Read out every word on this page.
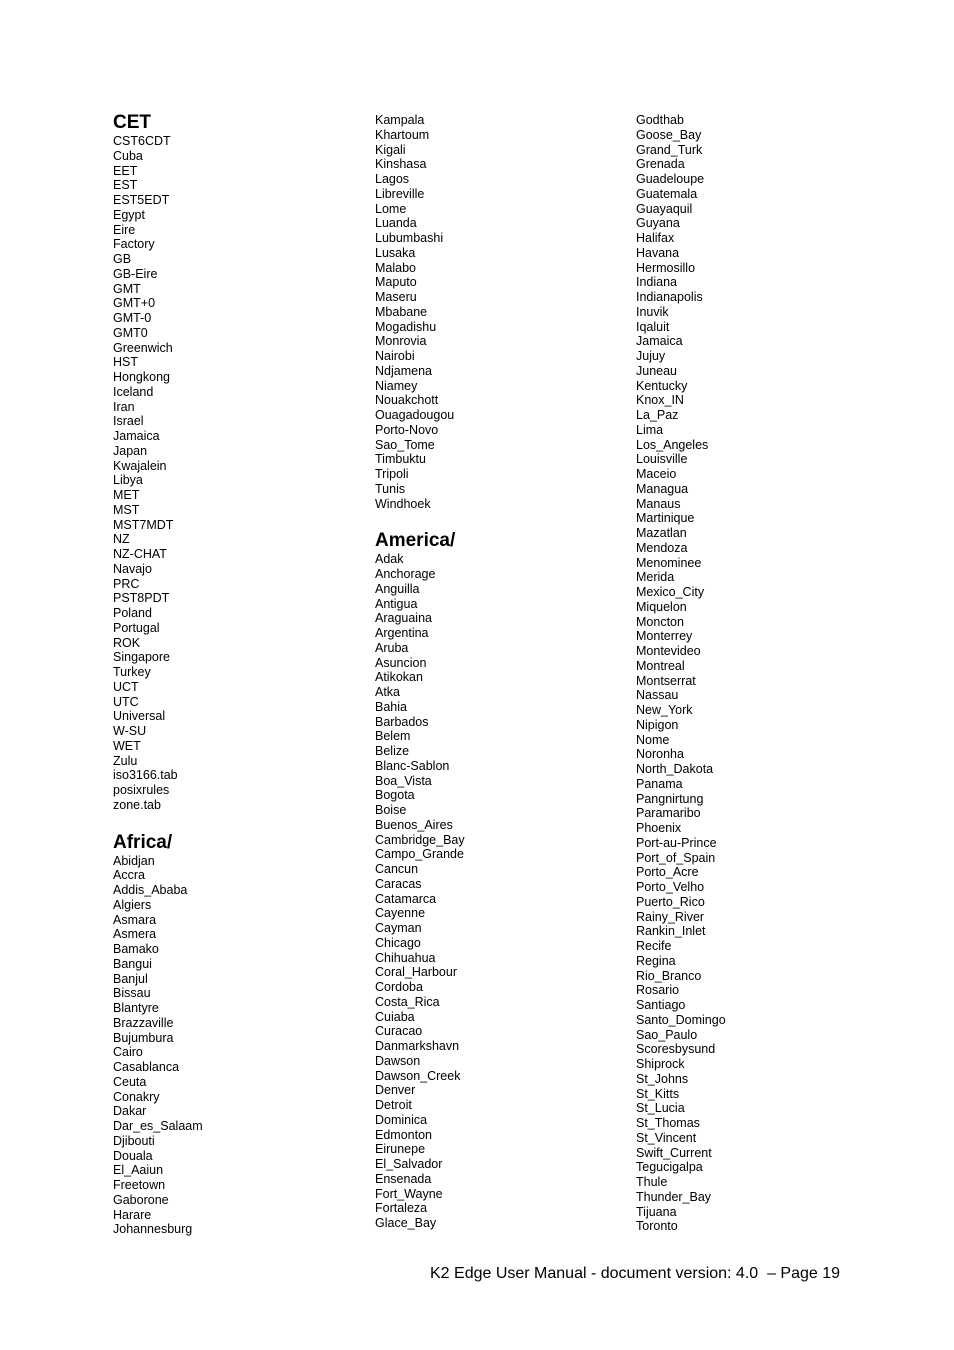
CET
CST6CDT
Cuba
EET
EST
EST5EDT
Egypt
Eire
Factory
GB
GB-Eire
GMT
GMT+0
GMT-0
GMT0
Greenwich
HST
Hongkong
Iceland
Iran
Israel
Jamaica
Japan
Kwajalein
Libya
MET
MST
MST7MDT
NZ
NZ-CHAT
Navajo
PRC
PST8PDT
Poland
Portugal
ROK
Singapore
Turkey
UCT
UTC
Universal
W-SU
WET
Zulu
iso3166.tab
posixrules
zone.tab
Africa/
Abidjan
Accra
Addis_Ababa
Algiers
Asmara
Asmera
Bamako
Bangui
Banjul
Bissau
Blantyre
Brazzaville
Bujumbura
Cairo
Casablanca
Ceuta
Conakry
Dakar
Dar_es_Salaam
Djibouti
Douala
El_Aaiun
Freetown
Gaborone
Harare
Johannesburg
Kampala
Khartoum
Kigali
Kinshasa
Lagos
Libreville
Lome
Luanda
Lubumbashi
Lusaka
Malabo
Maputo
Maseru
Mbabane
Mogadishu
Monrovia
Nairobi
Ndjamena
Niamey
Nouakchott
Ouagadougou
Porto-Novo
Sao_Tome
Timbuktu
Tripoli
Tunis
Windhoek
America/
Adak
Anchorage
Anguilla
Antigua
Araguaina
Argentina
Aruba
Asuncion
Atikokan
Atka
Bahia
Barbados
Belem
Belize
Blanc-Sablon
Boa_Vista
Bogota
Boise
Buenos_Aires
Cambridge_Bay
Campo_Grande
Cancun
Caracas
Catamarca
Cayenne
Cayman
Chicago
Chihuahua
Coral_Harbour
Cordoba
Costa_Rica
Cuiaba
Curacao
Danmarkshavn
Dawson
Dawson_Creek
Denver
Detroit
Dominica
Edmonton
Eirunepe
El_Salvador
Ensenada
Fort_Wayne
Fortaleza
Glace_Bay
Godthab
Goose_Bay
Grand_Turk
Grenada
Guadeloupe
Guatemala
Guayaquil
Guyana
Halifax
Havana
Hermosillo
Indiana
Indianapolis
Inuvik
Iqaluit
Jamaica
Jujuy
Juneau
Kentucky
Knox_IN
La_Paz
Lima
Los_Angeles
Louisville
Maceio
Managua
Manaus
Martinique
Mazatlan
Mendoza
Menominee
Merida
Mexico_City
Miquelon
Moncton
Monterrey
Montevideo
Montreal
Montserrat
Nassau
New_York
Nipigon
Nome
Noronha
North_Dakota
Panama
Pangnirtung
Paramaribo
Phoenix
Port-au-Prince
Port_of_Spain
Porto_Acre
Porto_Velho
Puerto_Rico
Rainy_River
Rankin_Inlet
Recife
Regina
Rio_Branco
Rosario
Santiago
Santo_Domingo
Sao_Paulo
Scoresbysund
Shiprock
St_Johns
St_Kitts
St_Lucia
St_Thomas
St_Vincent
Swift_Current
Tegucigalpa
Thule
Thunder_Bay
Tijuana
Toronto
K2 Edge User Manual - document version: 4.0  – Page 19
